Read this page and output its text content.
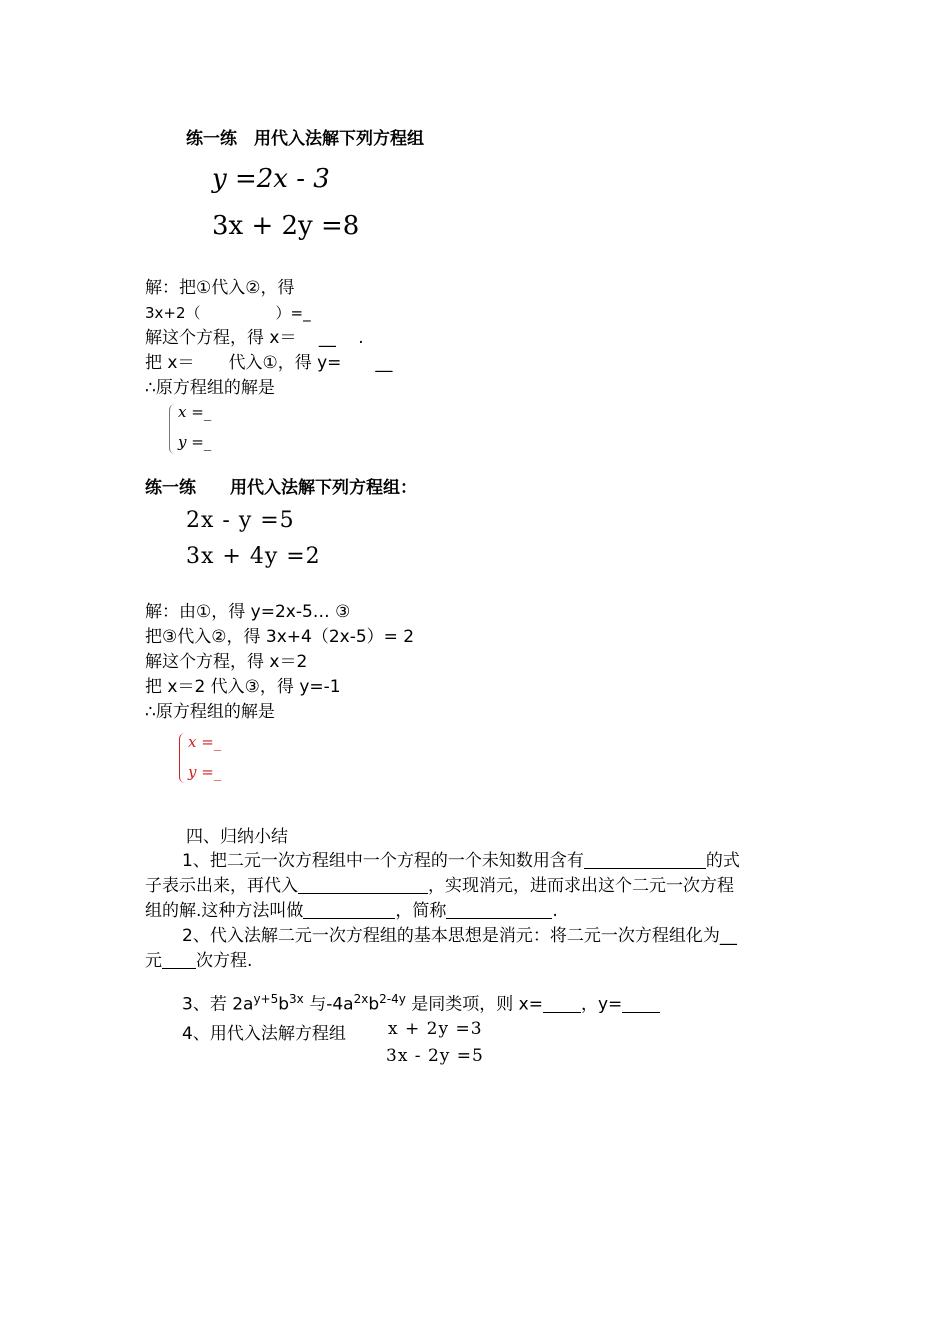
练一练　用代入法解下列方程组
y =2x - 3
3x + 2y =8
解：把①代入②，得
3x+2（　　　　　）=_
解这个方程，得 x＝　 __ 　.
把 x＝　　代入①，得 y=　　__
∴原方程组的解是
x =_
y =_
练一练　　用代入法解下列方程组：
2x - y =5
3x + 4y =2
解：由①，得 y=2x-5… ③
把③代入②，得 3x+4（2x-5）= 2
解这个方程，得 x＝2
把 x＝2 代入③，得 y=-1
∴原方程组的解是
x =_
y =_
四、归纳小结
1、把二元一次方程组中一个方程的一个未知数用含有	的式
子表示出来，再代入	，实现消元，进而求出这个二元一次方程
组的解.这种方法叫做	，简称	.
2、代入法解二元一次方程组的基本思想是消元：将二元一次方程组化为__
元 次方程.
3、若 $2a^{y+5}b^{3x}$ 与$-4a^{2x}b^{2-4y}$ 是同类项，则 x= ，y=
4、用代入法解方程组 x + 2y =3
3x - 2y =5
